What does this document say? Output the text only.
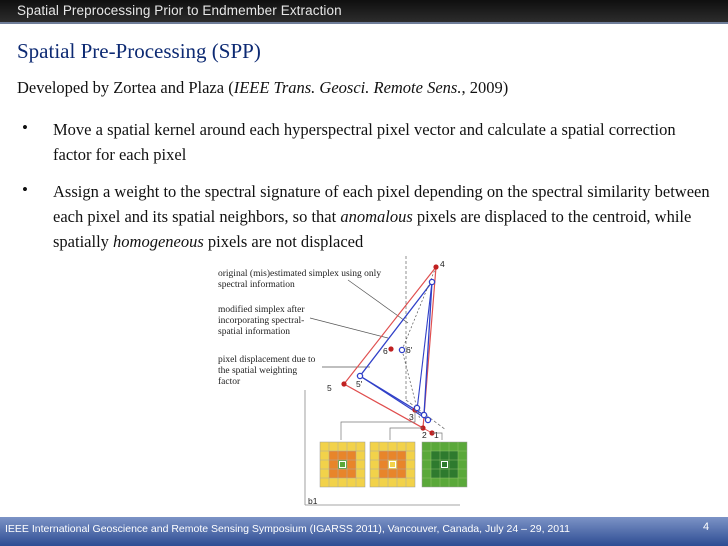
Spatial Preprocessing Prior to Endmember Extraction
Spatial Pre-Processing (SPP)
Developed by Zortea and Plaza (IEEE Trans. Geosci. Remote Sens., 2009)
• Move a spatial kernel around each hyperspectral pixel vector and calculate a spatial correction factor for each pixel
• Assign a weight to the spectral signature of each pixel depending on the spectral similarity between each pixel and its spatial neighbors, so that anomalous pixels are displaced to the centroid, while spatially homogeneous pixels are not displaced
b1
4
5	5'
6 6'
3
2 1
original (mis)estimated simplex using only spectral information
modified simplex after incorporating spectral- spatial information
pixel displacement due to the spatial weighting factor
IEEE International Geoscience and Remote Sensing Symposium (IGARSS 2011), Vancouver, Canada, July 24 – 29, 2011	4
